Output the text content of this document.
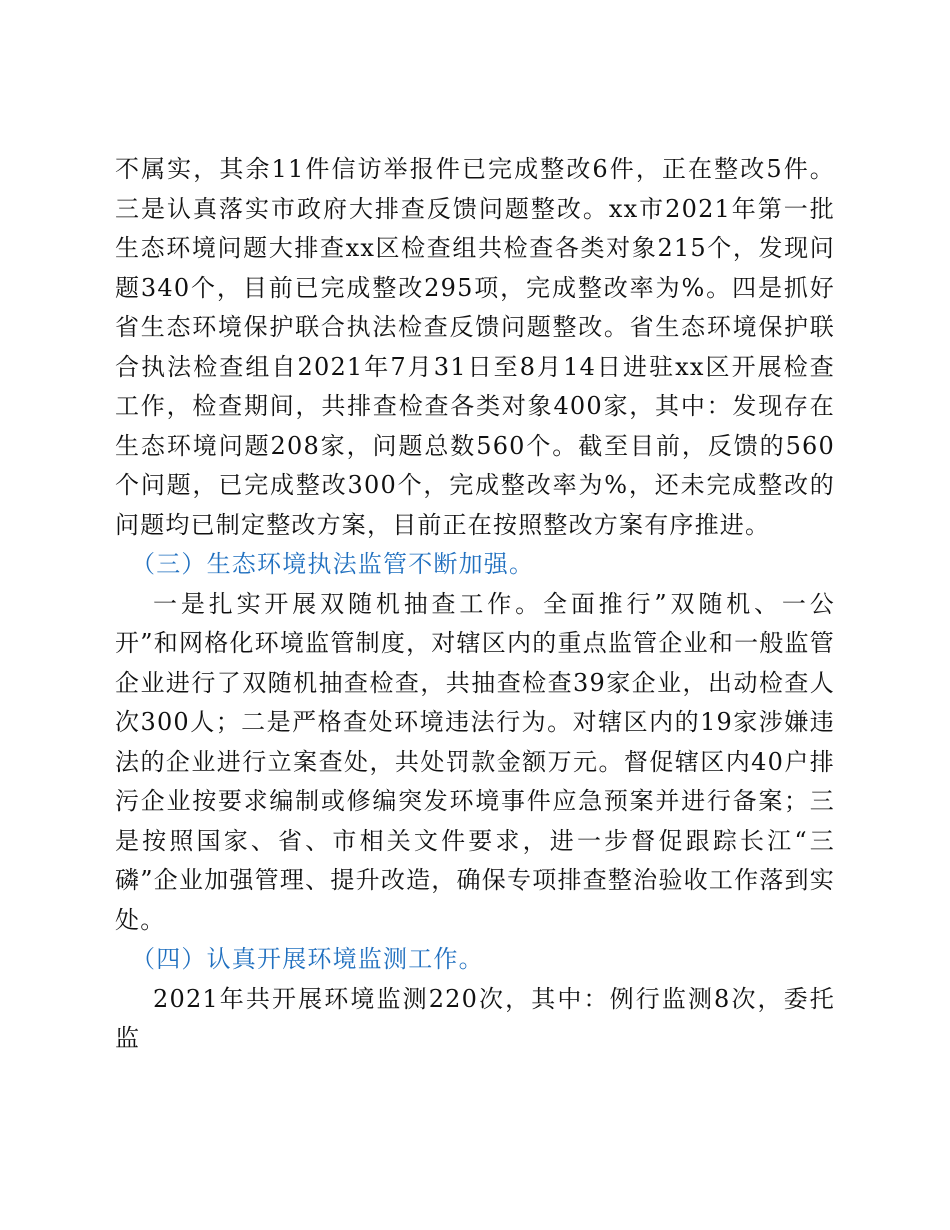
不属实，其余11件信访举报件已完成整改6件，正在整改5件。三是认真落实市政府大排查反馈问题整改。xx市2021年第一批生态环境问题大排查xx区检查组共检查各类对象215个，发现问题340个，目前已完成整改295项，完成整改率为%。四是抓好省生态环境保护联合执法检查反馈问题整改。省生态环境保护联合执法检查组自2021年7月31日至8月14日进驻xx区开展检查工作，检查期间，共排查检查各类对象400家，其中：发现存在生态环境问题208家，问题总数560个。截至目前，反馈的560个问题，已完成整改300个，完成整改率为%，还未完成整改的问题均已制定整改方案，目前正在按照整改方案有序推进。

（三）生态环境执法监管不断加强。

一是扎实开展双随机抽查工作。全面推行”双随机、一公开”和网格化环境监管制度，对辖区内的重点监管企业和一般监管企业进行了双随机抽查检查，共抽查检查39家企业，出动检查人次300人；二是严格查处环境违法行为。对辖区内的19家涉嫌违法的企业进行立案查处，共处罚款金额万元。督促辖区内40户排污企业按要求编制或修编突发环境事件应急预案并进行备案；三是按照国家、省、市相关文件要求，进一步督促跟踪长江“三磷”企业加强管理、提升改造，确保专项排查整治验收工作落到实处。

（四）认真开展环境监测工作。

2021年共开展环境监测220次，其中：例行监测8次，委托监
